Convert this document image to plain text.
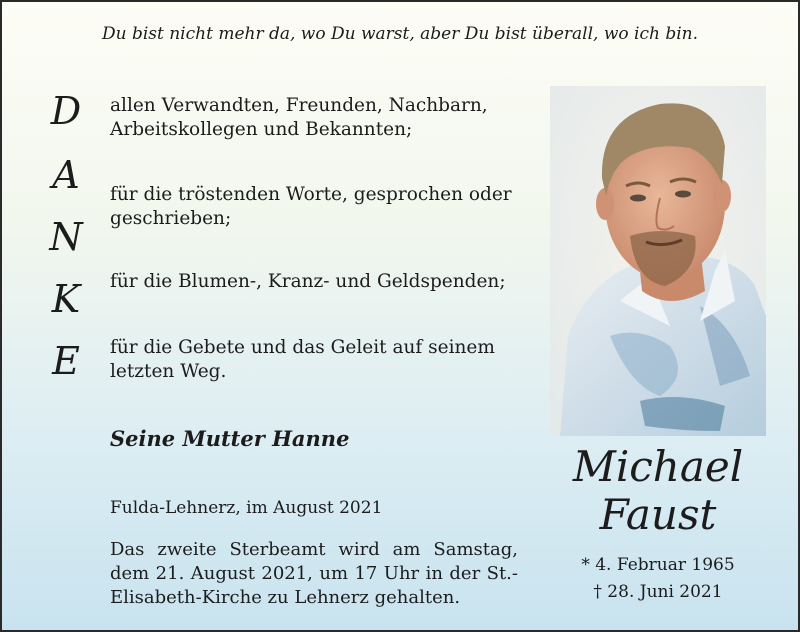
Du bist nicht mehr da, wo Du warst, aber Du bist überall, wo ich bin.
D
A
N
K
E
allen Verwandten, Freunden, Nachbarn,
Arbeitskollegen und Bekannten;
für die tröstenden Worte, gesprochen oder
geschrieben;
für die Blumen-, Kranz- und Geldspenden;
für die Gebete und das Geleit auf seinem
letzten Weg.
Seine Mutter Hanne
Fulda-Lehnerz, im August 2021
Das zweite Sterbeamt wird am Samstag, dem 21. August 2021, um 17 Uhr in der St.-Elisabeth-Kirche zu Lehnerz gehalten.
Michael
Faust
* 4. Februar 1965
† 28. Juni 2021
